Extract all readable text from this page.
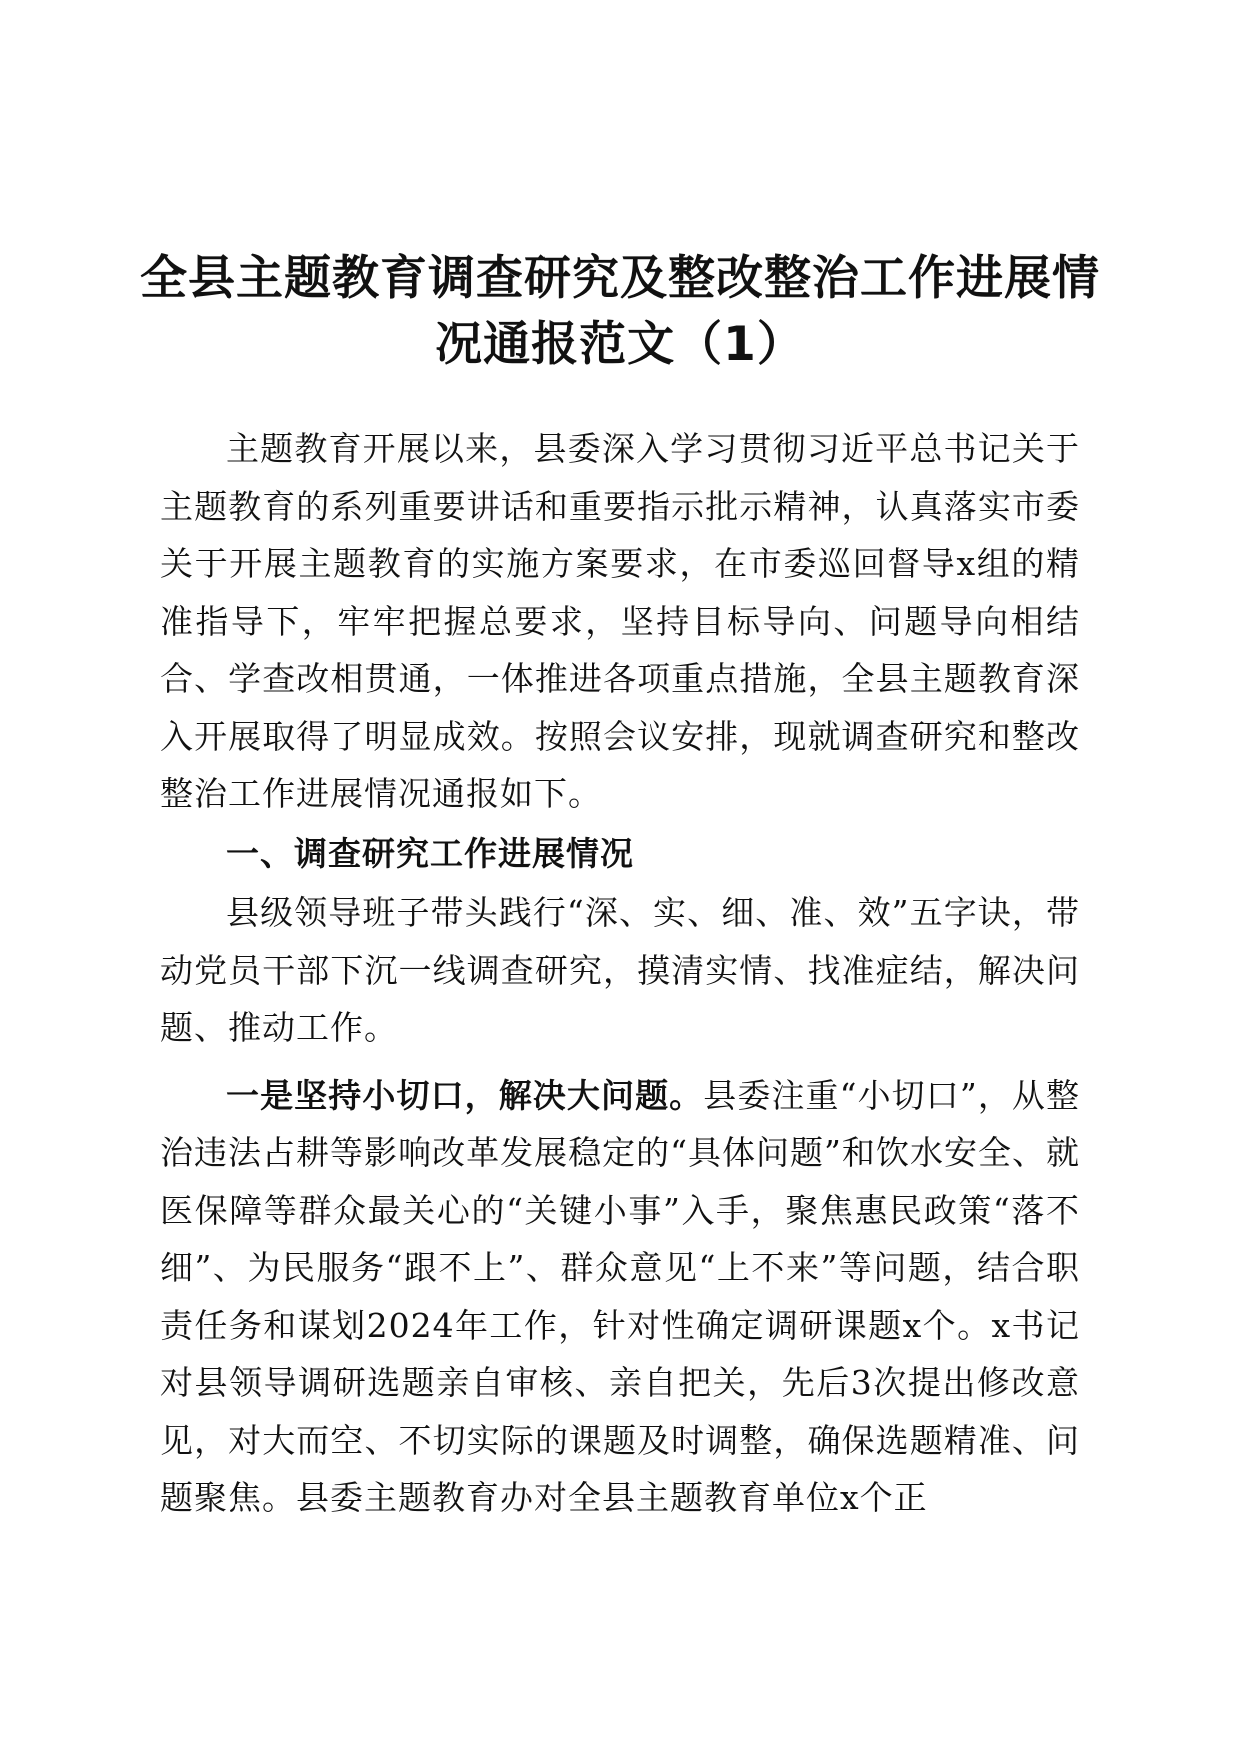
全县主题教育调查研究及整改整治工作进展情况通报范文（1）

主题教育开展以来，县委深入学习贯彻习近平总书记关于主题教育的系列重要讲话和重要指示批示精神，认真落实市委关于开展主题教育的实施方案要求，在市委巡回督导x组的精准指导下，牢牢把握总要求，坚持目标导向、问题导向相结合、学查改相贯通，一体推进各项重点措施，全县主题教育深入开展取得了明显成效。按照会议安排，现就调查研究和整改整治工作进展情况通报如下。

一、调查研究工作进展情况

县级领导班子带头践行“深、实、细、准、效”五字诀，带动党员干部下沉一线调查研究，摸清实情、找准症结，解决问题、推动工作。

一是坚持小切口，解决大问题。县委注重“小切口”，从整治违法占耕等影响改革发展稳定的“具体问题”和饮水安全、就医保障等群众最关心的“关键小事”入手，聚焦惠民政策“落不细”、为民服务“跟不上”、群众意见“上不来”等问题，结合职责任务和谋划2024年工作，针对性确定调研课题x个。x书记对县领导调研选题亲自审核、亲自把关，先后3次提出修改意见，对大而空、不切实际的课题及时调整，确保选题精准、问题聚焦。县委主题教育办对全县主题教育单位x个正
